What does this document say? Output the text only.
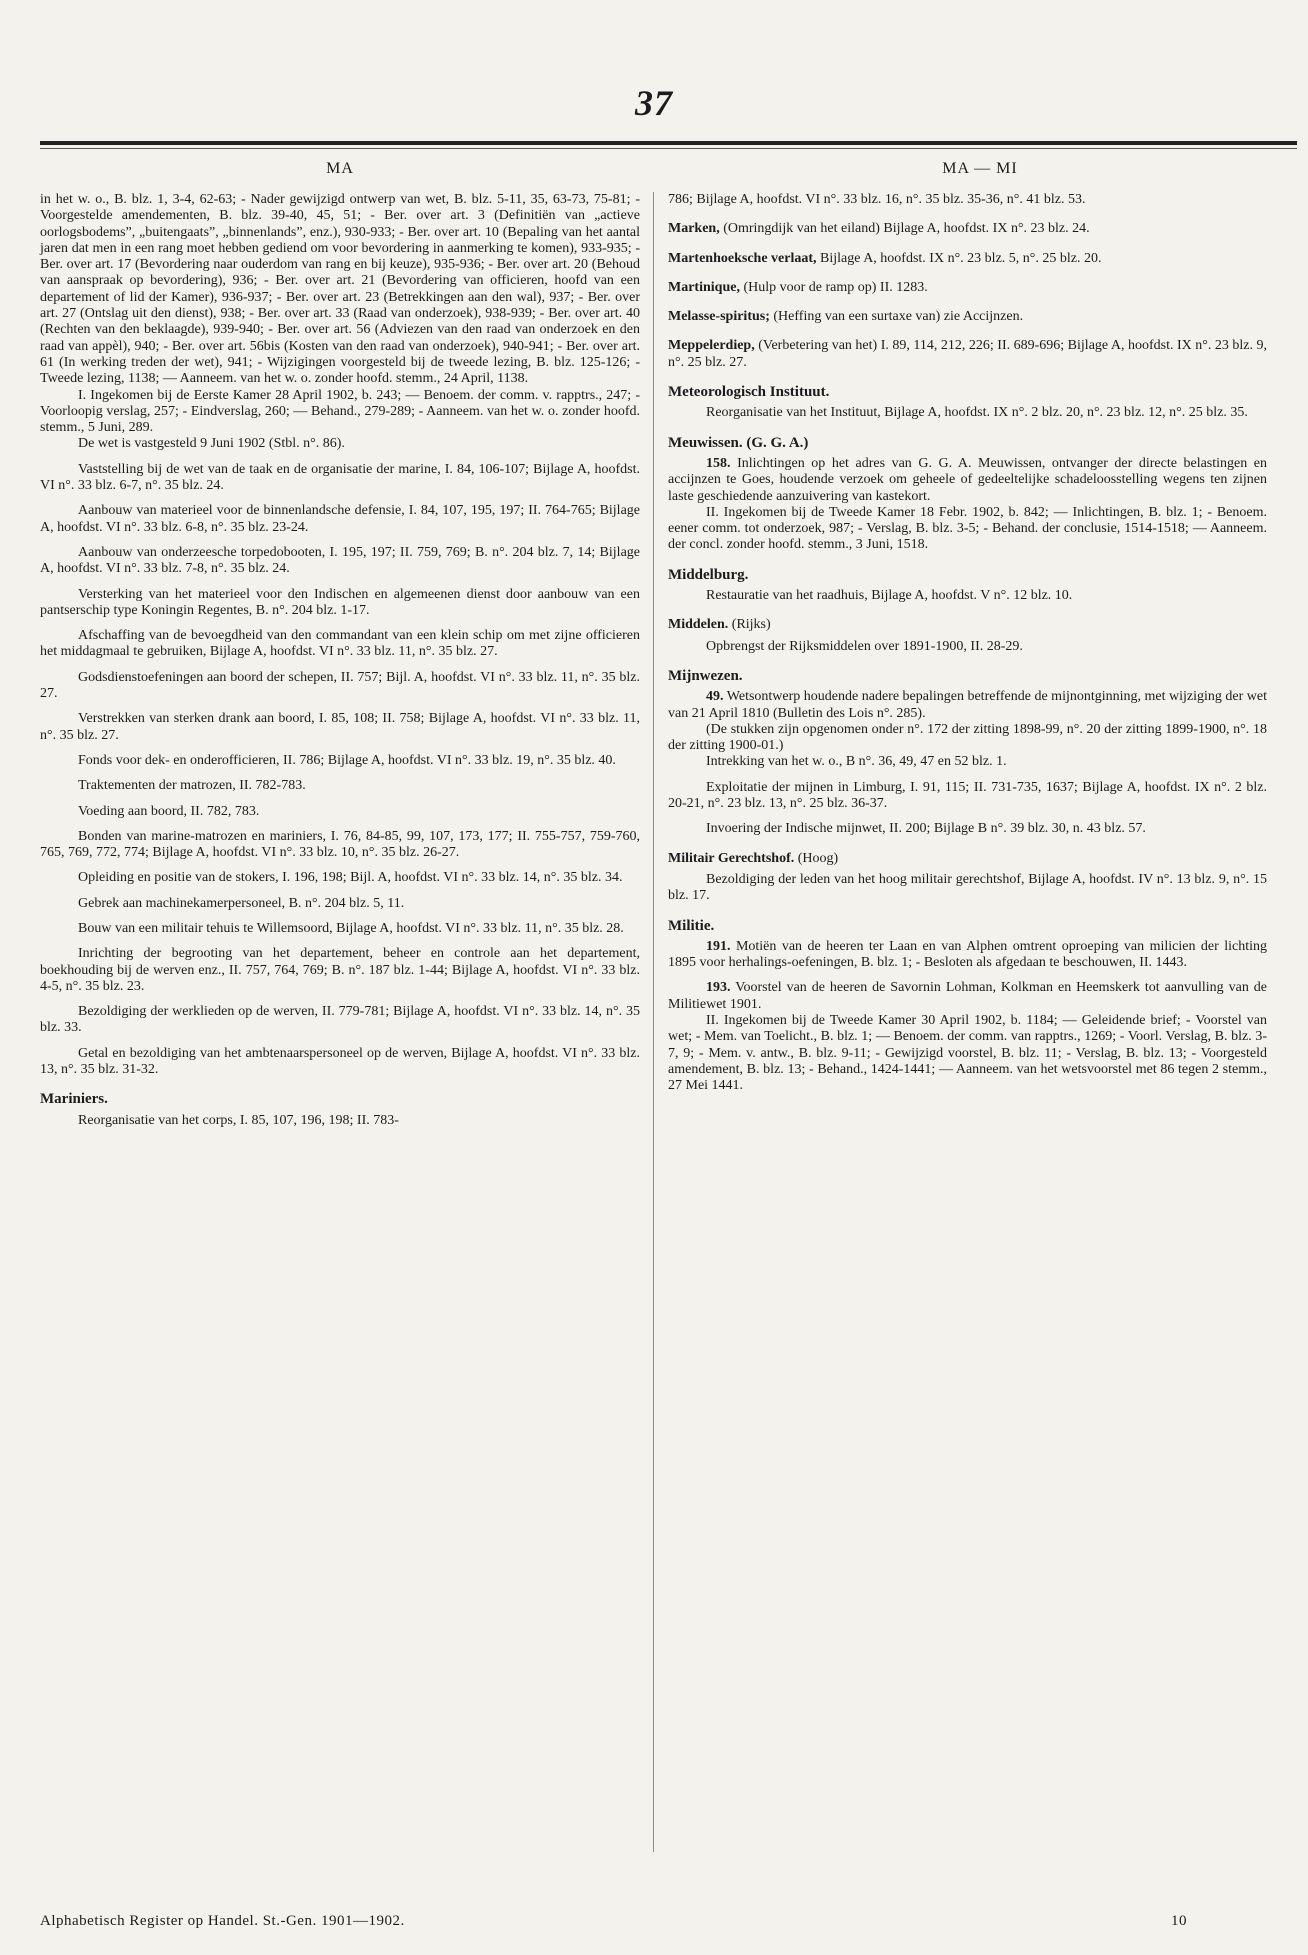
37
MA	MA — MI

in het w. o., B. blz. 1, 3-4, 62-63; - Nader gewijzigd ontwerp van wet, B. blz. 5-11, 35, 63-73, 75-81; - Voorgestelde amendementen, B. blz. 39-40, 45, 51; - Ber. over art. 3 (Definitiën van „actieve oorlogsbodems”, „buitengaats”, „binnenlands”, enz.), 930-933; - Ber. over art. 10 (Bepaling van het aantal jaren dat men in een rang moet hebben gediend om voor bevordering in aanmerking te komen), 933-935; - Ber. over art. 17 (Bevordering naar ouderdom van rang en bij keuze), 935-936; - Ber. over art. 20 (Behoud van aanspraak op bevordering), 936; - Ber. over art. 21 (Bevordering van officieren, hoofd van een departement of lid der Kamer), 936-937; - Ber. over art. 23 (Betrekkingen aan den wal), 937; - Ber. over art. 27 (Ontslag uit den dienst), 938; - Ber. over art. 33 (Raad van onderzoek), 938-939; - Ber. over art. 40 (Rechten van den beklaagde), 939-940; - Ber. over art. 56 (Adviezen van den raad van onderzoek en den raad van appèl), 940; - Ber. over art. 56bis (Kosten van den raad van onderzoek), 940-941; - Ber. over art. 61 (In werking treden der wet), 941; - Wijzigingen voorgesteld bij de tweede lezing, B. blz. 125-126; - Tweede lezing, 1138; — Aanneem. van het w. o. zonder hoofd. stemm., 24 April, 1138.

I. Ingekomen bij de Eerste Kamer 28 April 1902, b. 243; — Benoem. der comm. v. rapptrs., 247; - Voorloopig verslag, 257; - Eindverslag, 260; — Behand., 279-289; - Aanneem. van het w. o. zonder hoofd. stemm., 5 Juni, 289.

De wet is vastgesteld 9 Juni 1902 (Stbl. n°. 86).

Vaststelling bij de wet van de taak en de organisatie der marine, I. 84, 106-107; Bijlage A, hoofdst. VI n°. 33 blz. 6-7, n°. 35 blz. 24.

Aanbouw van materieel voor de binnenlandsche defensie, I. 84, 107, 195, 197; II. 764-765; Bijlage A, hoofdst. VI n°. 33 blz. 6-8, n°. 35 blz. 23-24.

Aanbouw van onderzeesche torpedobooten, I. 195, 197; II. 759, 769; B. n°. 204 blz. 7, 14; Bijlage A, hoofdst. VI n°. 33 blz. 7-8, n°. 35 blz. 24.

Versterking van het materieel voor den Indischen en algemeenen dienst door aanbouw van een pantserschip type Koningin Regentes, B. n°. 204 blz. 1-17.

Afschaffing van de bevoegdheid van den commandant van een klein schip om met zijne officieren het middagmaal te gebruiken, Bijlage A, hoofdst. VI n°. 33 blz. 11, n°. 35 blz. 27.

Godsdienstoefeningen aan boord der schepen, II. 757; Bijl. A, hoofdst. VI n°. 33 blz. 11, n°. 35 blz. 27.

Verstrekken van sterken drank aan boord, I. 85, 108; II. 758; Bijlage A, hoofdst. VI n°. 33 blz. 11, n°. 35 blz. 27.

Fonds voor dek- en onderofficieren, II. 786; Bijlage A, hoofdst. VI n°. 33 blz. 19, n°. 35 blz. 40.

Traktementen der matrozen, II. 782-783.

Voeding aan boord, II. 782, 783.

Bonden van marine-matrozen en mariniers, I. 76, 84-85, 99, 107, 173, 177; II. 755-757, 759-760, 765, 769, 772, 774; Bijlage A, hoofdst. VI n°. 33 blz. 10, n°. 35 blz. 26-27.

Opleiding en positie van de stokers, I. 196, 198; Bijl. A, hoofdst. VI n°. 33 blz. 14, n°. 35 blz. 34.

Gebrek aan machinekamerpersoneel, B. n°. 204 blz. 5, 11.

Bouw van een militair tehuis te Willemsoord, Bijlage A, hoofdst. VI n°. 33 blz. 11, n°. 35 blz. 28.

Inrichting der begrooting van het departement, beheer en controle aan het departement, boekhouding bij de werven enz., II. 757, 764, 769; B. n°. 187 blz. 1-44; Bijlage A, hoofdst. VI n°. 33 blz. 4-5, n°. 35 blz. 23.

Bezoldiging der werklieden op de werven, II. 779-781; Bijlage A, hoofdst. VI n°. 33 blz. 14, n°. 35 blz. 33.

Getal en bezoldiging van het ambtenaarspersoneel op de werven, Bijlage A, hoofdst. VI n°. 33 blz. 13, n°. 35 blz. 31-32.

Mariniers.

Reorganisatie van het corps, I. 85, 107, 196, 198; II. 783-

786; Bijlage A, hoofdst. VI n°. 33 blz. 16, n°. 35 blz. 35-36, n°. 41 blz. 53.

Marken, (Omringdijk van het eiland) Bijlage A, hoofdst. IX n°. 23 blz. 24.

Martenhoeksche verlaat, Bijlage A, hoofdst. IX n°. 23 blz. 5, n°. 25 blz. 20.

Martinique, (Hulp voor de ramp op) II. 1283.

Melasse-spiritus; (Heffing van een surtaxe van) zie Accijnzen.

Meppelerdiep, (Verbetering van het) I. 89, 114, 212, 226; II. 689-696; Bijlage A, hoofdst. IX n°. 23 blz. 9, n°. 25 blz. 27.

Meteorologisch Instituut.

Reorganisatie van het Instituut, Bijlage A, hoofdst. IX n°. 2 blz. 20, n°. 23 blz. 12, n°. 25 blz. 35.

Meuwissen. (G. G. A.)

158. Inlichtingen op het adres van G. G. A. Meuwissen, ontvanger der directe belastingen en accijnzen te Goes, houdende verzoek om geheele of gedeeltelijke schadeloosstelling wegens ten zijnen laste geschiedende aanzuivering van kastekort.

II. Ingekomen bij de Tweede Kamer 18 Febr. 1902, b. 842; — Inlichtingen, B. blz. 1; - Benoem. eener comm. tot onderzoek, 987; - Verslag, B. blz. 3-5; - Behand. der conclusie, 1514-1518; — Aanneem. der concl. zonder hoofd. stemm., 3 Juni, 1518.

Middelburg.

Restauratie van het raadhuis, Bijlage A, hoofdst. V n°. 12 blz. 10.

Middelen. (Rijks)

Opbrengst der Rijksmiddelen over 1891-1900, II. 28-29.

Mijnwezen.

49. Wetsontwerp houdende nadere bepalingen betreffende de mijnontginning, met wijziging der wet van 21 April 1810 (Bulletin des Lois n°. 285).

(De stukken zijn opgenomen onder n°. 172 der zitting 1898-99, n°. 20 der zitting 1899-1900, n°. 18 der zitting 1900-01.)

Intrekking van het w. o., B n°. 36, 49, 47 en 52 blz. 1.

Exploitatie der mijnen in Limburg, I. 91, 115; II. 731-735, 1637; Bijlage A, hoofdst. IX n°. 2 blz. 20-21, n°. 23 blz. 13, n°. 25 blz. 36-37.

Invoering der Indische mijnwet, II. 200; Bijlage B n°. 39 blz. 30, n. 43 blz. 57.

Militair Gerechtshof. (Hoog)

Bezoldiging der leden van het hoog militair gerechtshof, Bijlage A, hoofdst. IV n°. 13 blz. 9, n°. 15 blz. 17.

Militie.

191. Motiën van de heeren ter Laan en van Alphen omtrent oproeping van milicien der lichting 1895 voor herhalings-oefeningen, B. blz. 1; - Besloten als afgedaan te beschouwen, II. 1443.

193. Voorstel van de heeren de Savornin Lohman, Kolkman en Heemskerk tot aanvulling van de Militiewet 1901.

II. Ingekomen bij de Tweede Kamer 30 April 1902, b. 1184; — Geleidende brief; - Voorstel van wet; - Mem. van Toelicht., B. blz. 1; — Benoem. der comm. van rapptrs., 1269; - Voorl. Verslag, B. blz. 3-7, 9; - Mem. v. antw., B. blz. 9-11; - Gewijzigd voorstel, B. blz. 11; - Verslag, B. blz. 13; - Voorgesteld amendement, B. blz. 13; - Behand., 1424-1441; — Aanneem. van het wetsvoorstel met 86 tegen 2 stemm., 27 Mei 1441.

Alphabetisch Register op Handel. St.-Gen. 1901—1902.	10
